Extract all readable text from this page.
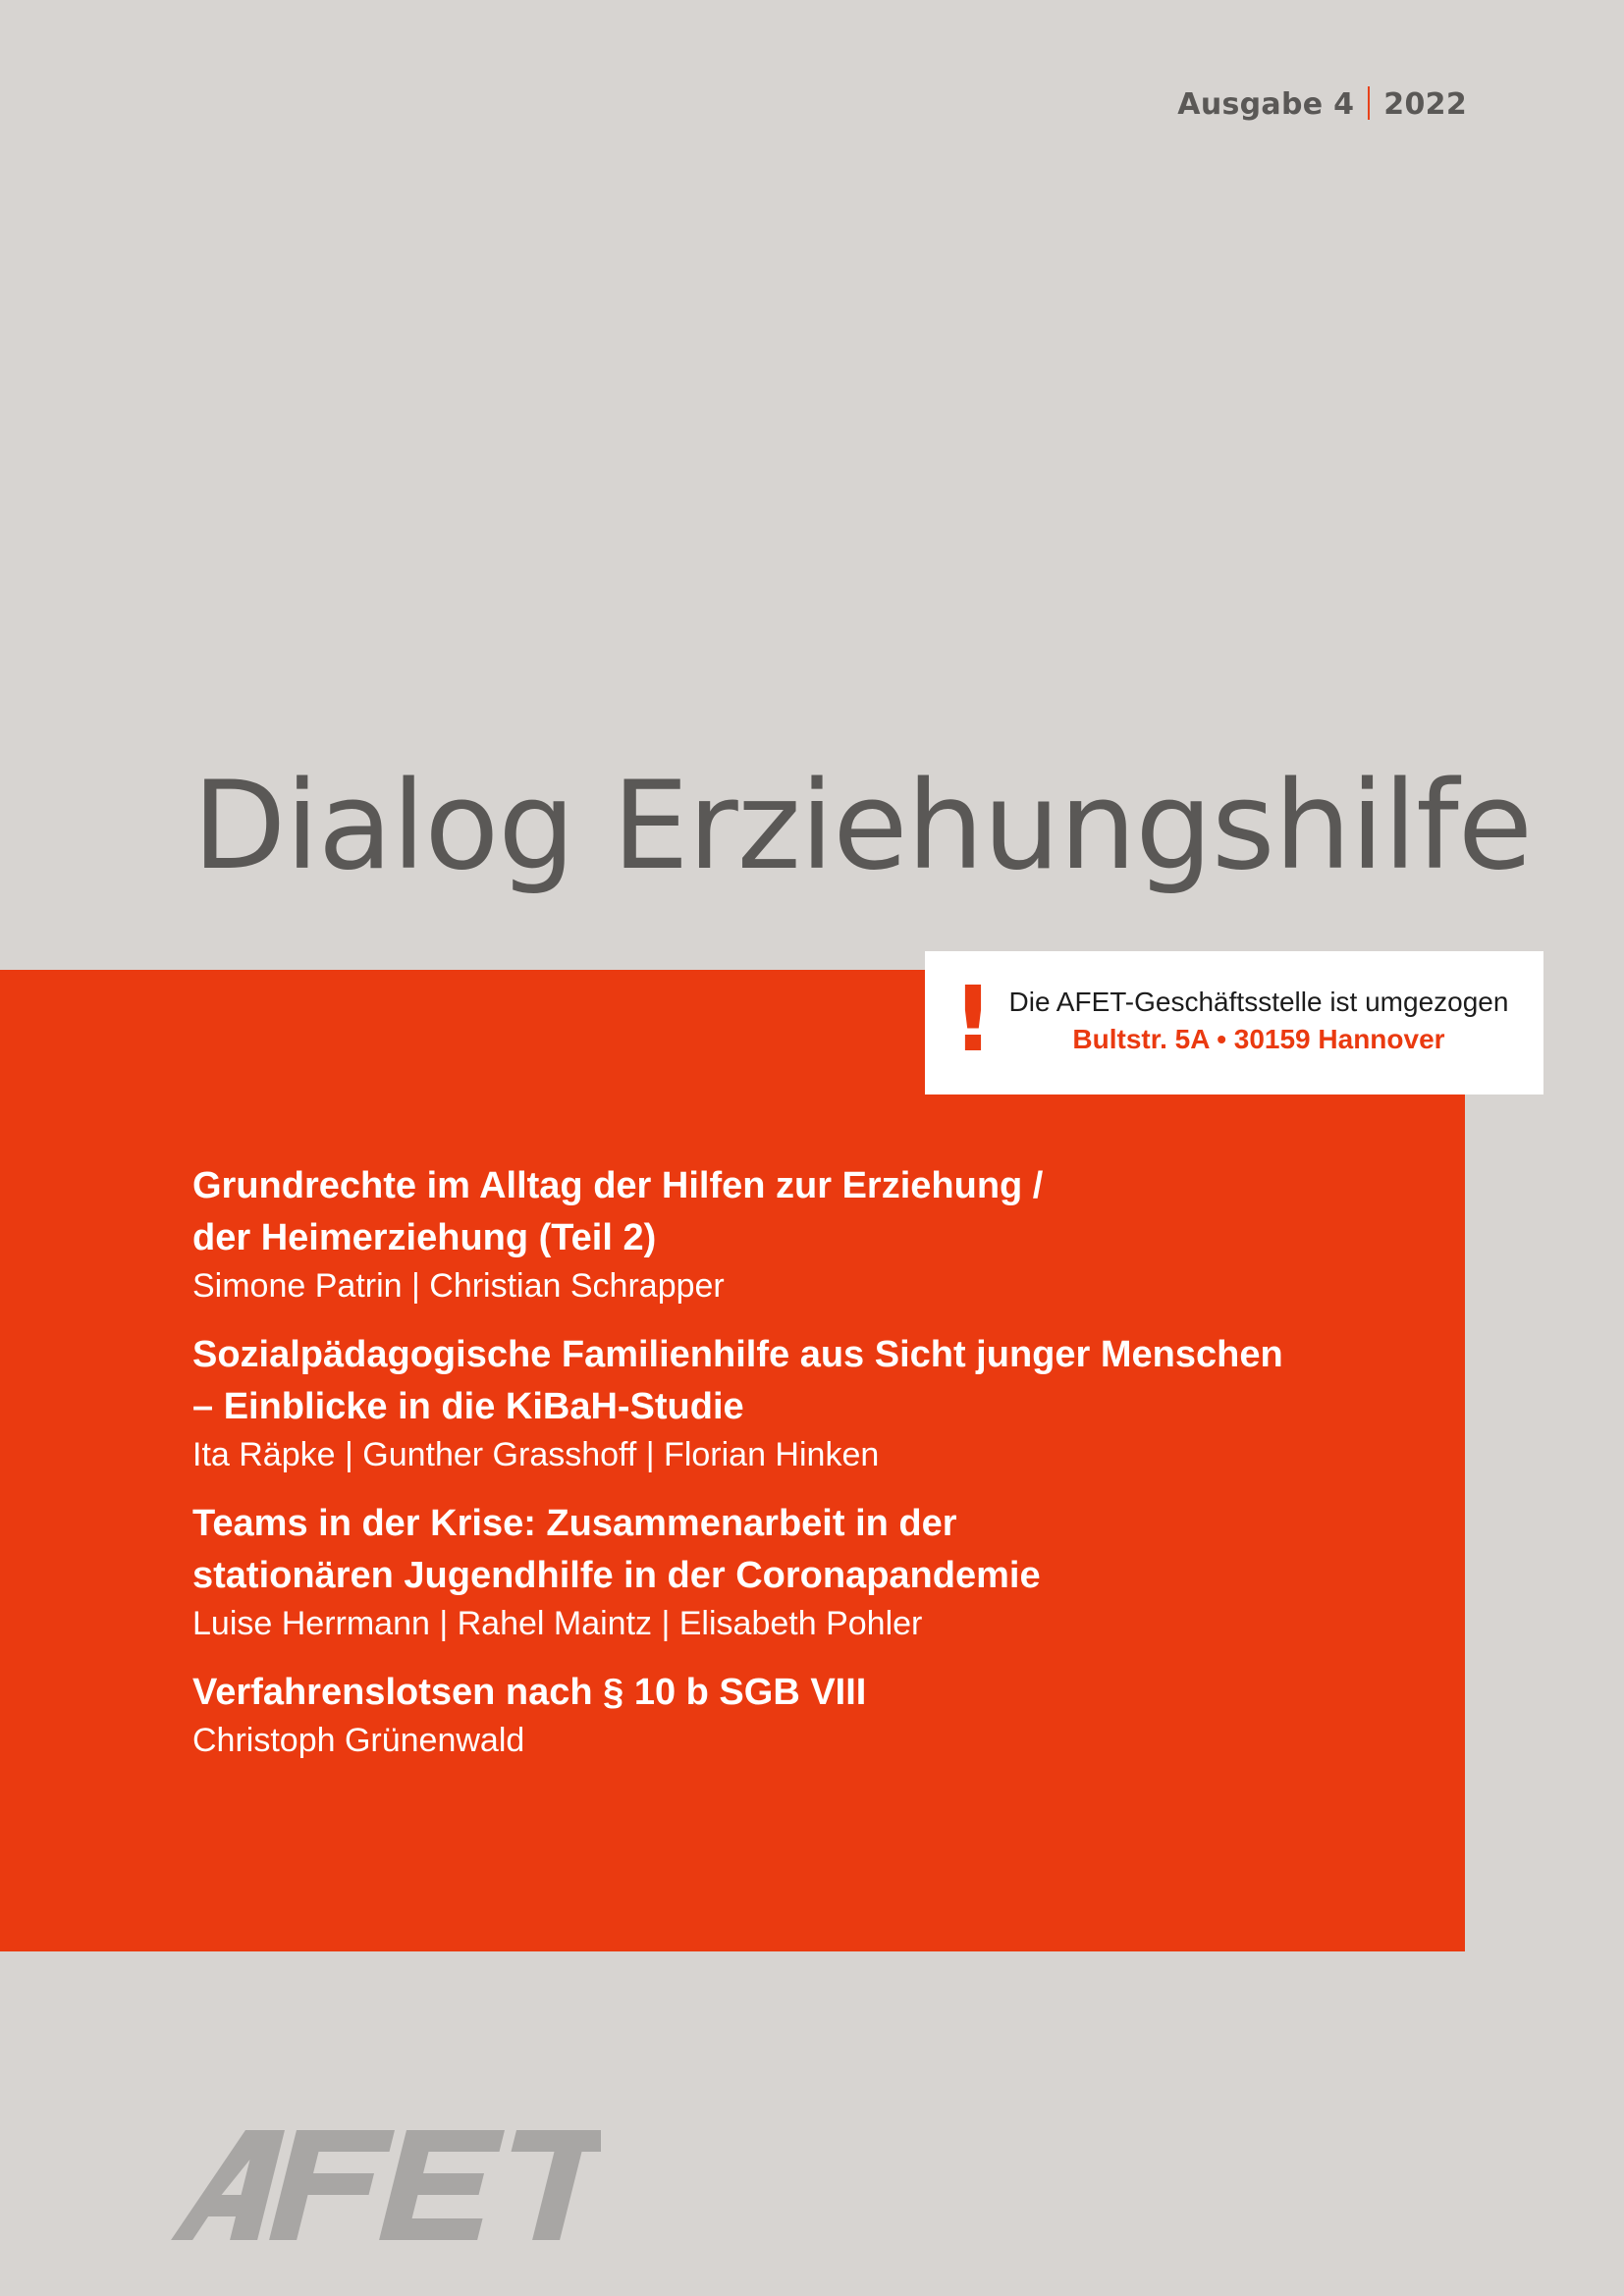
Ausgabe 4 2022
Dialog Erziehungshilfe
! Die AFET-Geschäftsstelle ist umgezogen
Bultstr. 5A • 30159 Hannover
Grundrechte im Alltag der Hilfen zur Erziehung /
der Heimerziehung (Teil 2)
Simone Patrin | Christian Schrapper
Sozialpädagogische Familienhilfe aus Sicht junger Menschen
– Einblicke in die KiBaH-Studie
Ita Räpke | Gunther Grasshoff | Florian Hinken
Teams in der Krise: Zusammenarbeit in der
stationären Jugendhilfe in der Coronapandemie
Luise Herrmann | Rahel Maintz | Elisabeth Pohler
Verfahrenslotsen nach § 10 b SGB VIII
Christoph Grünenwald
